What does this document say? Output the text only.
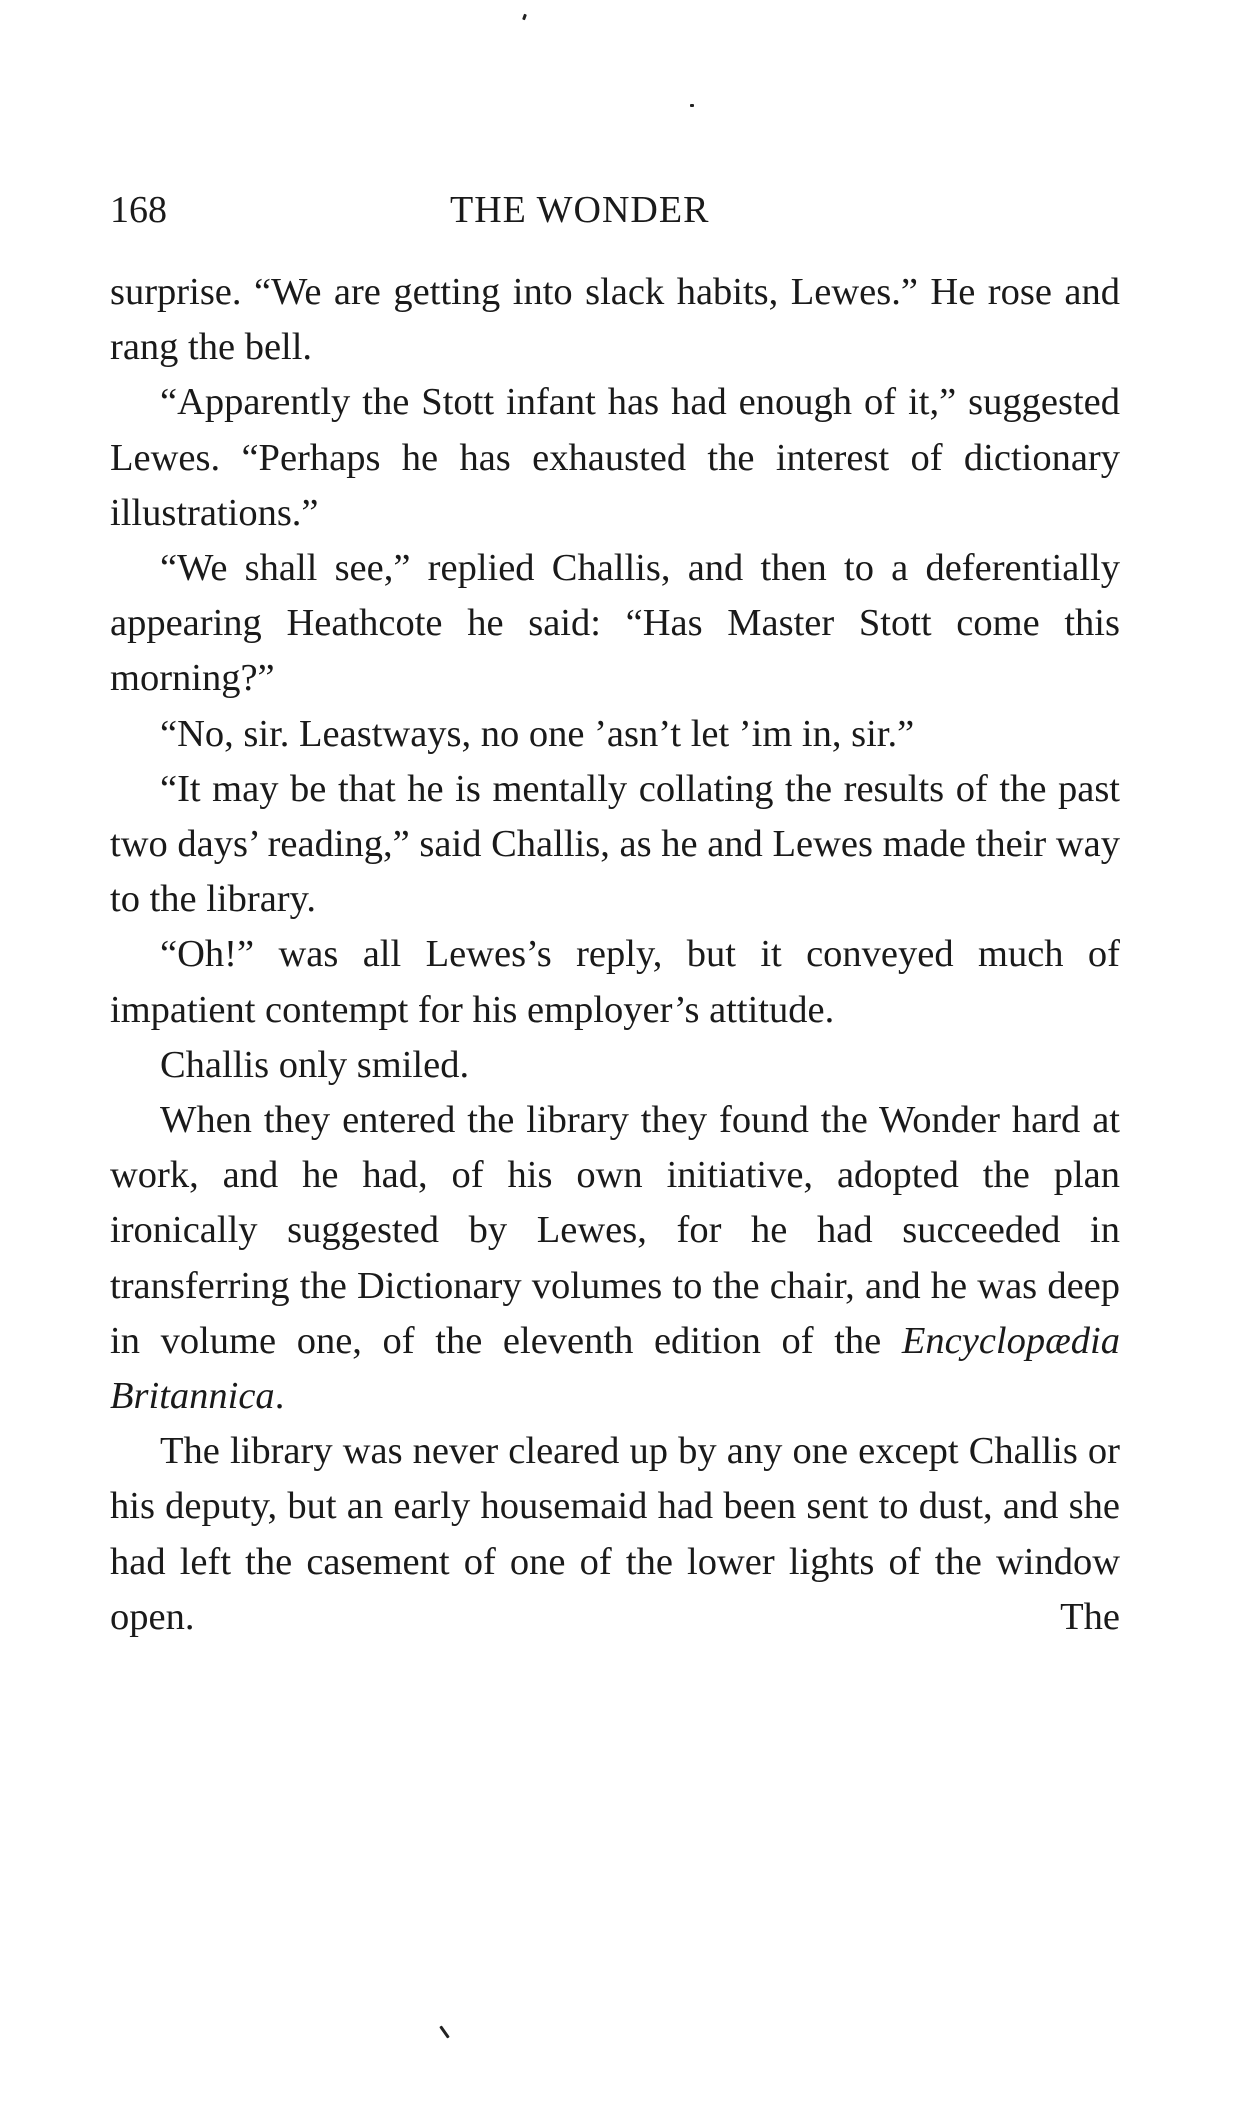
168	THE WONDER

surprise. “We are getting into slack habits, Lewes.” He rose and rang the bell.

“Apparently the Stott infant has had enough of it,” suggested Lewes. “Perhaps he has exhausted the interest of dictionary illustrations.”

“We shall see,” replied Challis, and then to a deferentially appearing Heathcote he said: “Has Master Stott come this morning?”

“No, sir. Leastways, no one ’asn’t let ’im in, sir.”

“It may be that he is mentally collating the results of the past two days’ reading,” said Challis, as he and Lewes made their way to the library.

“Oh!” was all Lewes’s reply, but it conveyed much of impatient contempt for his employer’s attitude.

Challis only smiled.

When they entered the library they found the Wonder hard at work, and he had, of his own initiative, adopted the plan ironically suggested by Lewes, for he had succeeded in transferring the Dictionary volumes to the chair, and he was deep in volume one, of the eleventh edition of the Encyclopædia Britannica.

The library was never cleared up by any one except Challis or his deputy, but an early housemaid had been sent to dust, and she had left the casement of one of the lower lights of the window open. The
